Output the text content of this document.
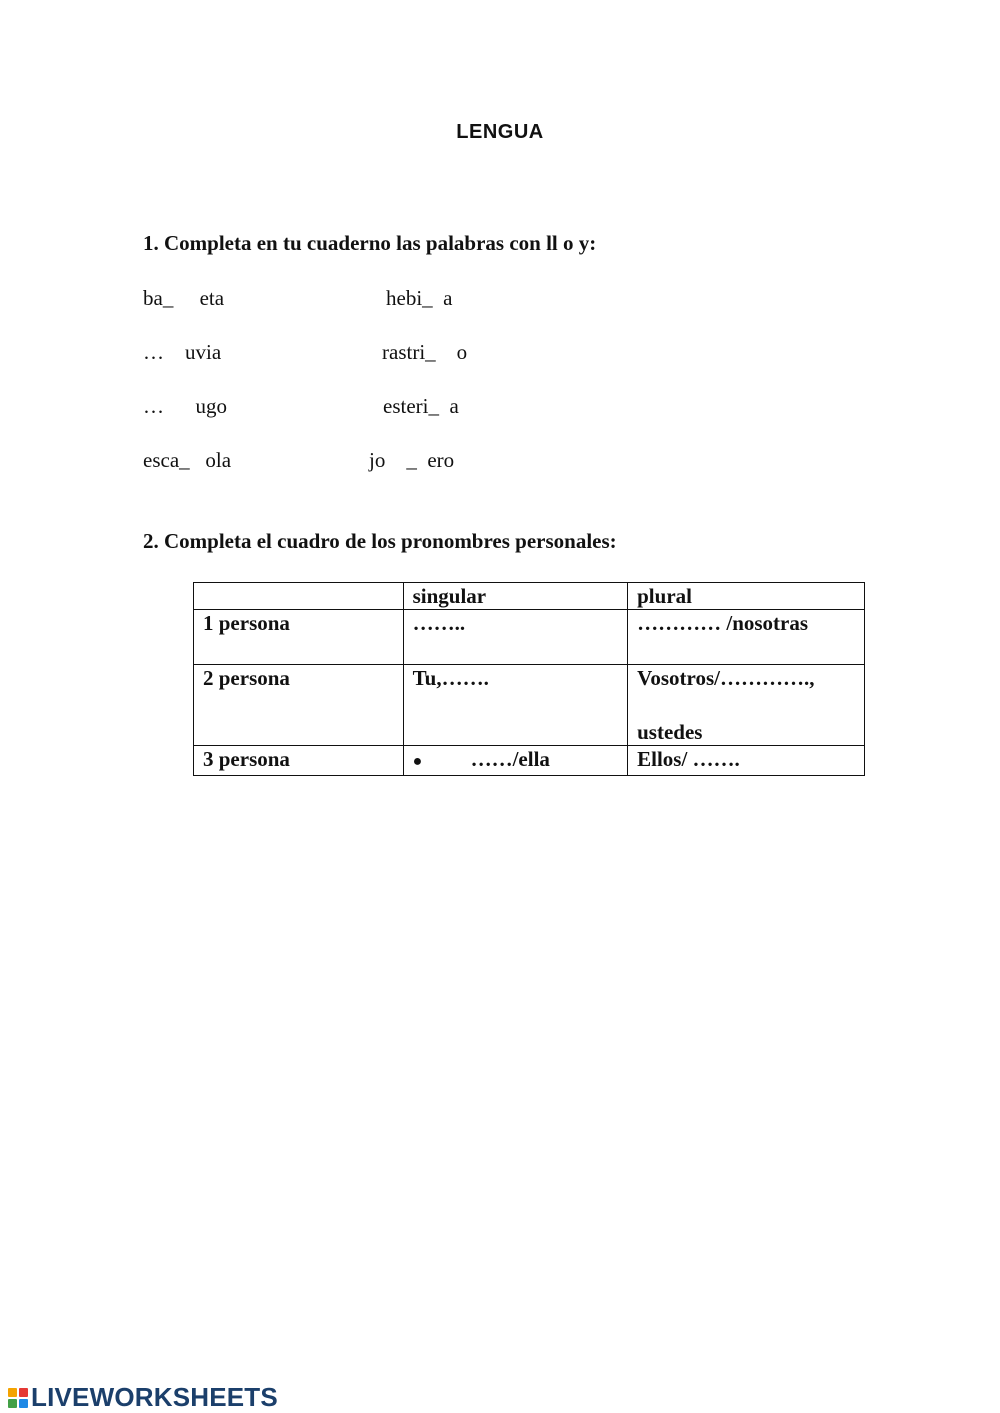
LENGUA
1. Completa en tu cuaderno las palabras con ll o y:
ba_     eta	hebi_  a
…    uvia	rastri_    o
…      ugo	esteri_  a
esca_   ola	jo    _  ero
2. Completa el cuadro de los pronombres personales:
	singular	plural
1 persona	……..	………… /nosotras
2 persona	Tu,…….	Vosotros/………….,
ustedes

3 persona	● ……/ella	Ellos/ …….
LIVEWORKSHEETS
